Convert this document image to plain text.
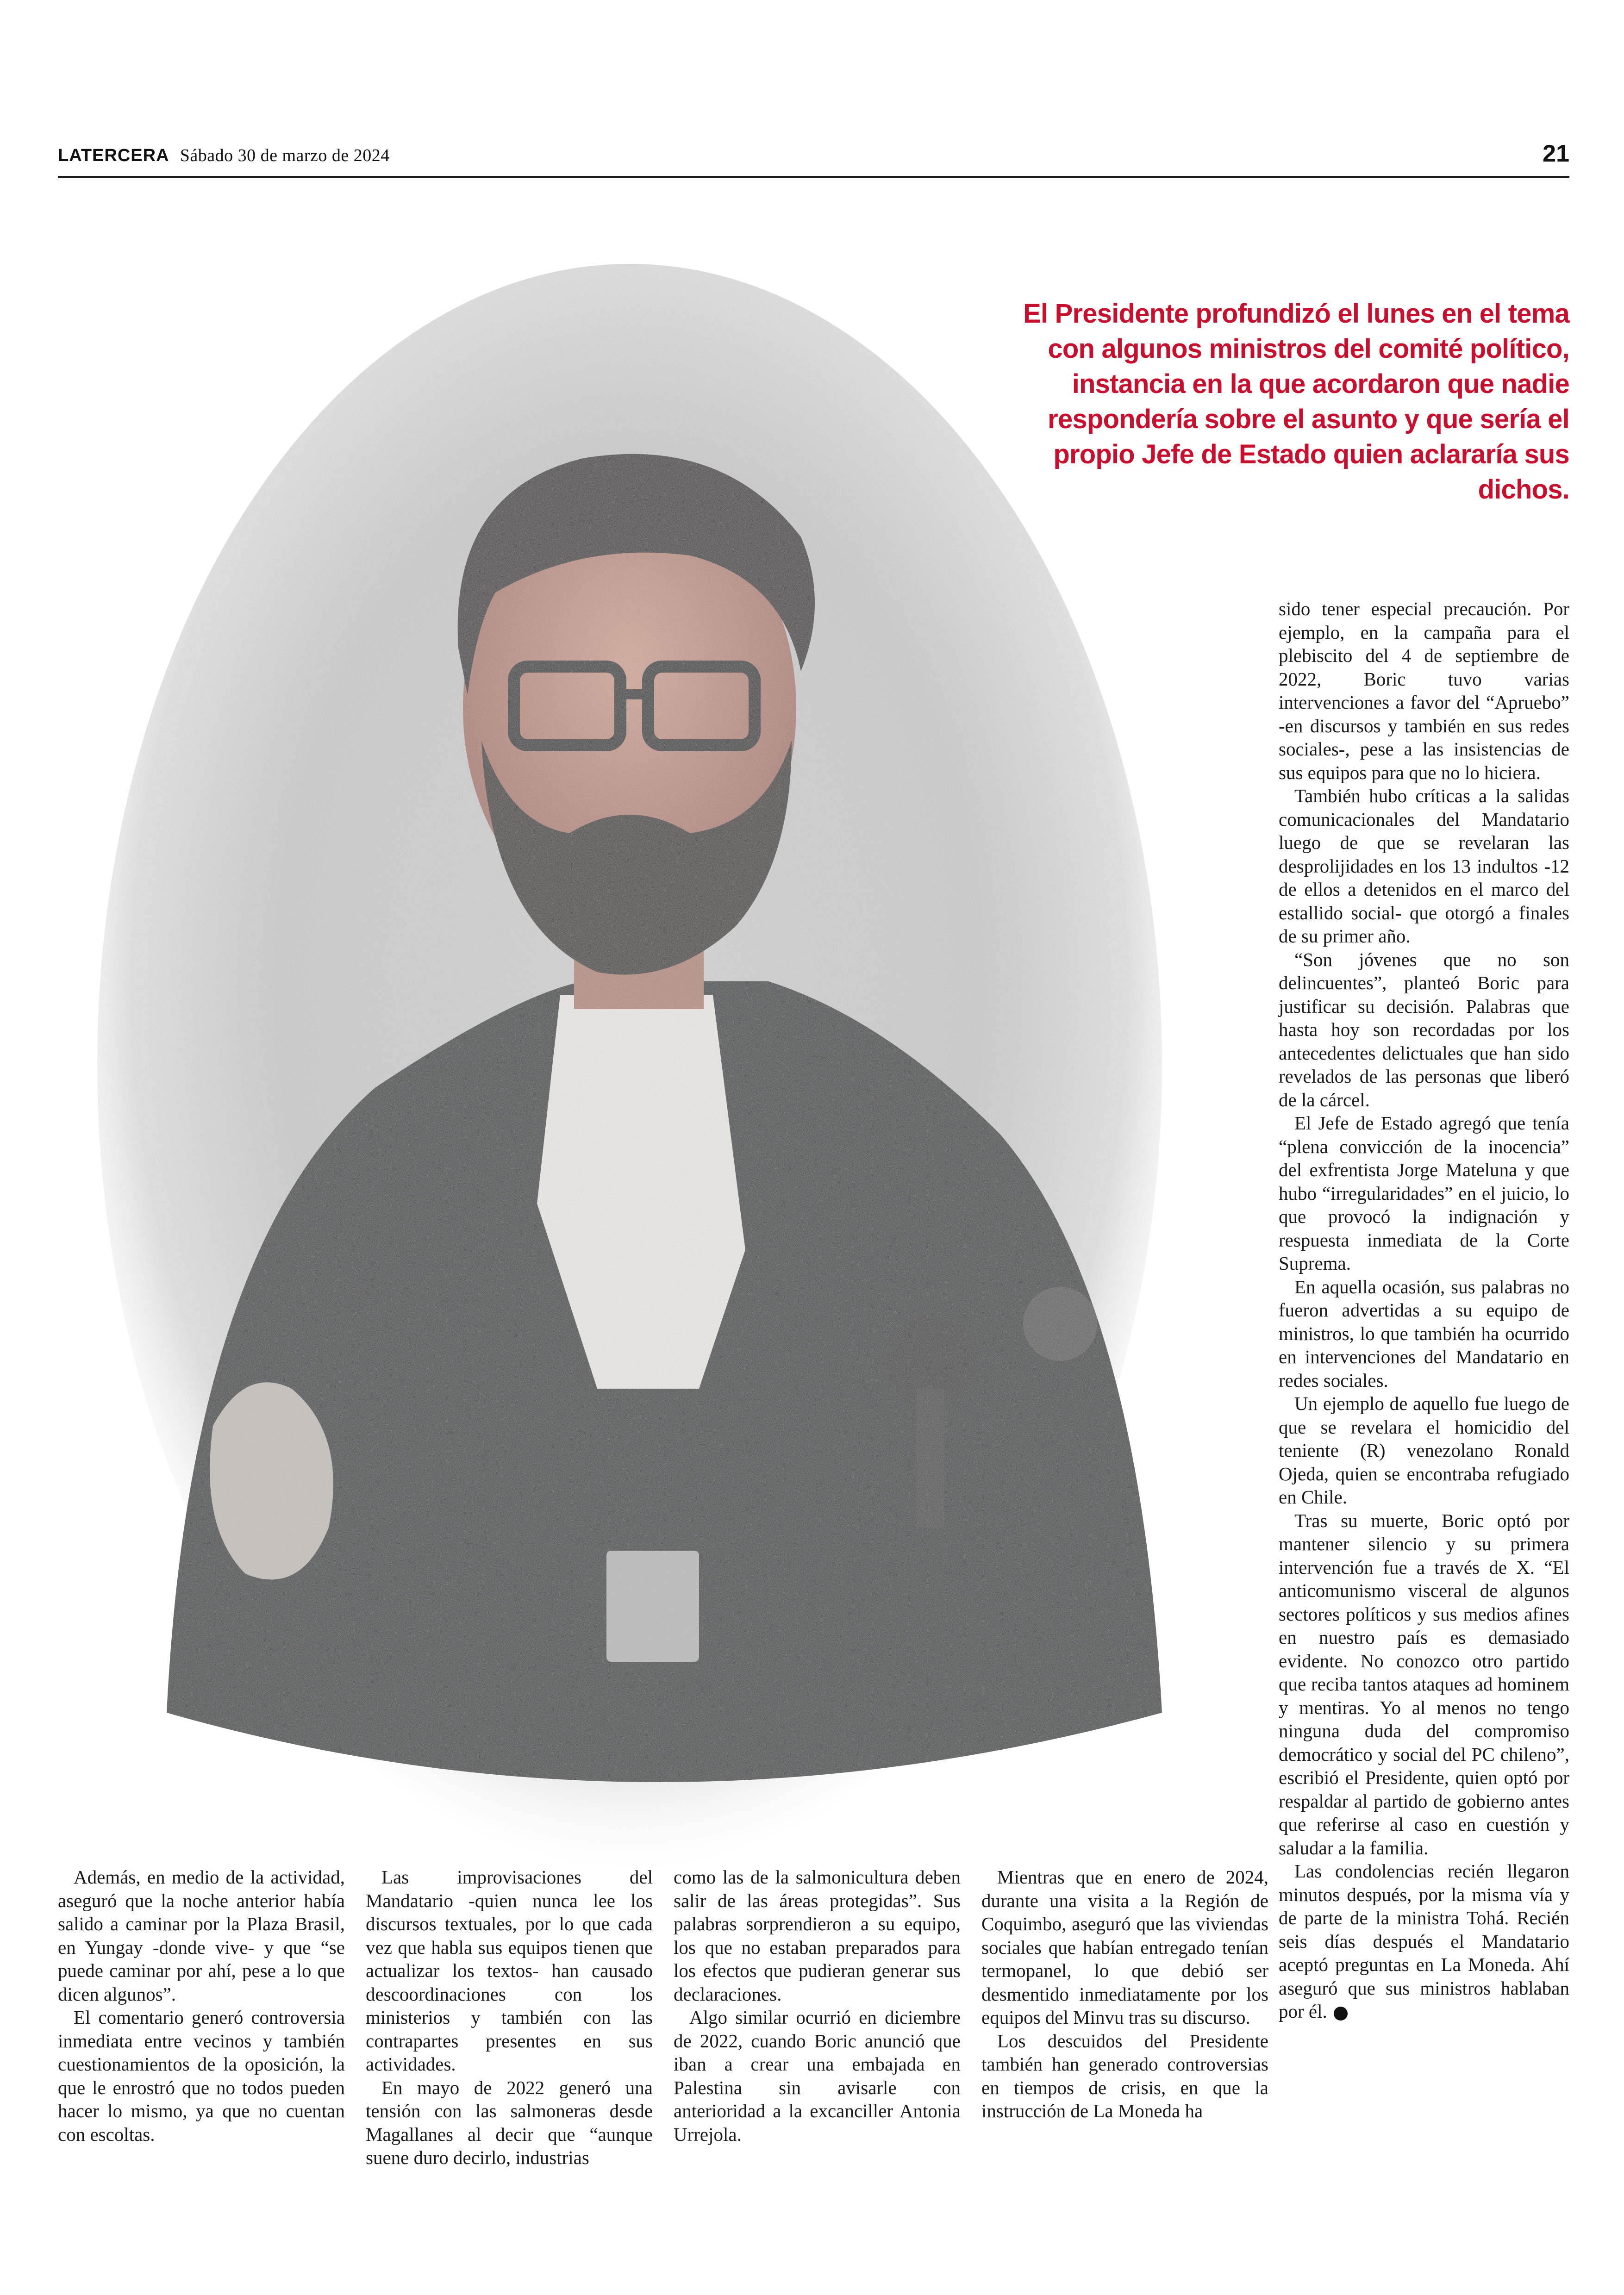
LATERCERA Sábado 30 de marzo de 2024	21
El Presidente profundizó el lunes en el tema con algunos ministros del comité político, instancia en la que acordaron que nadie respondería sobre el asunto y que sería el propio Jefe de Estado quien aclararía sus dichos.

sido tener especial precaución. Por ejemplo, en la campaña para el plebiscito del 4 de septiembre de 2022, Boric tuvo varias intervenciones a favor del “Apruebo” -en discursos y también en sus redes sociales-, pese a las insistencias de sus equipos para que no lo hiciera.

También hubo críticas a la salidas comunicacionales del Mandatario luego de que se revelaran las desprolijidades en los 13 indultos -12 de ellos a detenidos en el marco del estallido social- que otorgó a finales de su primer año.

“Son jóvenes que no son delincuentes”, planteó Boric para justificar su decisión. Palabras que hasta hoy son recordadas por los antecedentes delictuales que han sido revelados de las personas que liberó de la cárcel.

El Jefe de Estado agregó que tenía “plena convicción de la inocencia” del exfrentista Jorge Mateluna y que hubo “irregularidades” en el juicio, lo que provocó la indignación y respuesta inmediata de la Corte Suprema.

En aquella ocasión, sus palabras no fueron advertidas a su equipo de ministros, lo que también ha ocurrido en intervenciones del Mandatario en redes sociales.

Un ejemplo de aquello fue luego de que se revelara el homicidio del teniente (R) venezolano Ronald Ojeda, quien se encontraba refugiado en Chile.

Tras su muerte, Boric optó por mantener silencio y su primera intervención fue a través de X. “El anticomunismo visceral de algunos sectores políticos y sus medios afines en nuestro país es demasiado evidente. No conozco otro partido que reciba tantos ataques ad hominem y mentiras. Yo al menos no tengo ninguna duda del compromiso democrático y social del PC chileno”, escribió el Presidente, quien optó por respaldar al partido de gobierno antes que referirse al caso en cuestión y saludar a la familia.

Las condolencias recién llegaron minutos después, por la misma vía y de parte de la ministra Tohá. Recién seis días después el Mandatario aceptó preguntas en La Moneda. Ahí aseguró que sus ministros hablaban por él.

Además, en medio de la actividad, aseguró que la noche anterior había salido a caminar por la Plaza Brasil, en Yungay -donde vive- y que “se puede caminar por ahí, pese a lo que dicen algunos”.

El comentario generó controversia inmediata entre vecinos y también cuestionamientos de la oposición, la que le enrostró que no todos pueden hacer lo mismo, ya que no cuentan con escoltas.

Las improvisaciones del Mandatario -quien nunca lee los discursos textuales, por lo que cada vez que habla sus equipos tienen que actualizar los textos- han causado descoordinaciones con los ministerios y también con las contrapartes presentes en sus actividades.

En mayo de 2022 generó una tensión con las salmoneras desde Magallanes al decir que “aunque suene duro decirlo, industrias

como las de la salmonicultura deben salir de las áreas protegidas”. Sus palabras sorprendieron a su equipo, los que no estaban preparados para los efectos que pudieran generar sus declaraciones.

Algo similar ocurrió en diciembre de 2022, cuando Boric anunció que iban a crear una embajada en Palestina sin avisarle con anterioridad a la excanciller Antonia Urrejola.

Mientras que en enero de 2024, durante una visita a la Región de Coquimbo, aseguró que las viviendas sociales que habían entregado tenían termopanel, lo que debió ser desmentido inmediatamente por los equipos del Minvu tras su discurso.

Los descuidos del Presidente también han generado controversias en tiempos de crisis, en que la instrucción de La Moneda ha
